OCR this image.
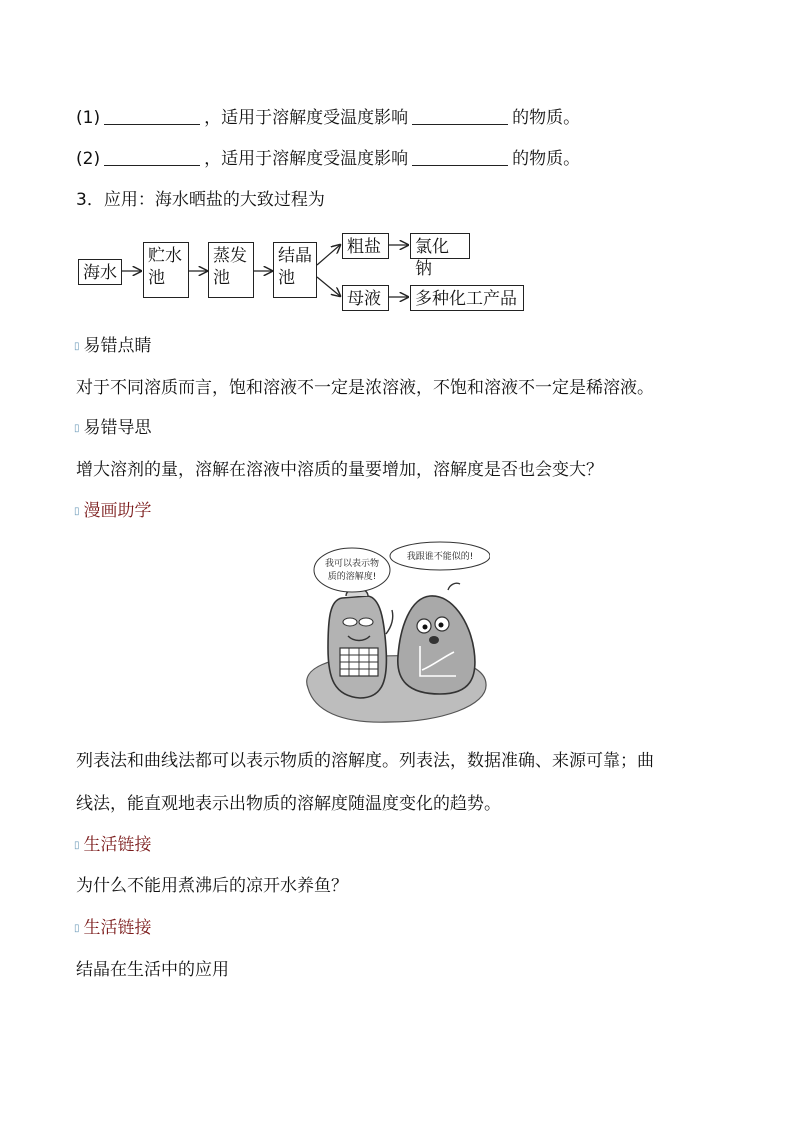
(1)	，适用于溶解度受温度影响	的物质。
(2)	，适用于溶解度受温度影响	的物质。
3．应用：海水晒盐的大致过程为
海水
贮水
池
蒸发
池
结晶
池
粗盐	氯化钠
母液	多种化工产品
▯ 易错点睛
对于不同溶质而言，饱和溶液不一定是浓溶液，不饱和溶液不一定是稀溶液。
▯ 易错导思
增大溶剂的量，溶解在溶液中溶质的量要增加，溶解度是否也会变大？
▯ 漫画助学
我可以表示物
质的溶解度!
我跟谁不能似的!
列表法和曲线法都可以表示物质的溶解度。列表法，数据准确、来源可靠；曲
线法，能直观地表示出物质的溶解度随温度变化的趋势。
▯ 生活链接
为什么不能用煮沸后的凉开水养鱼？
▯ 生活链接
结晶在生活中的应用
